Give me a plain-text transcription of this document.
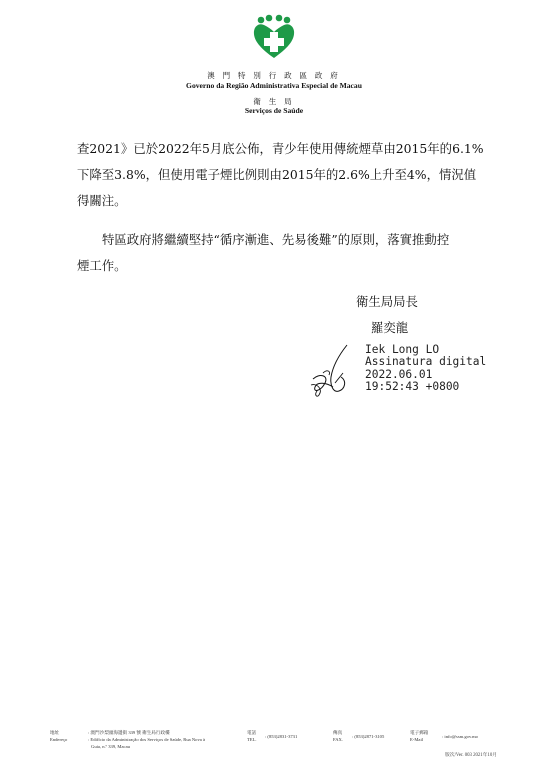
澳 門 特 別 行 政 區 政 府
Governo da Região Administrativa Especial de Macau
衛 生 局
Serviços de Saúde

查2021》已於2022年5月底公佈，青少年使用傳統煙草由2015年的6.1%

下降至3.8%，但使用電子煙比例則由2015年的2.6%上升至4%，情況值

得關注。

特區政府將繼續堅持“循序漸進、先易後難”的原則，落實推動控

煙工作。

衛生局局長
羅奕龍
Iek Long LO
Assinatura digital
2022.06.01
19:52:43 +0800
地址
Endereço
: 澳門沙梨頭海邊街 339 號 衛生局行政樓
: Edifício da Administração dos Serviços de Saúde, Rua Nova à
Guia, n.º 339, Macau
電話
TEL.
: (853)2831-3731
傳真
FAX.
: (853)2871-3105
電子郵箱
E-Mail
: info@ssm.gov.mo
版次/Ver. 003 2021年10月
